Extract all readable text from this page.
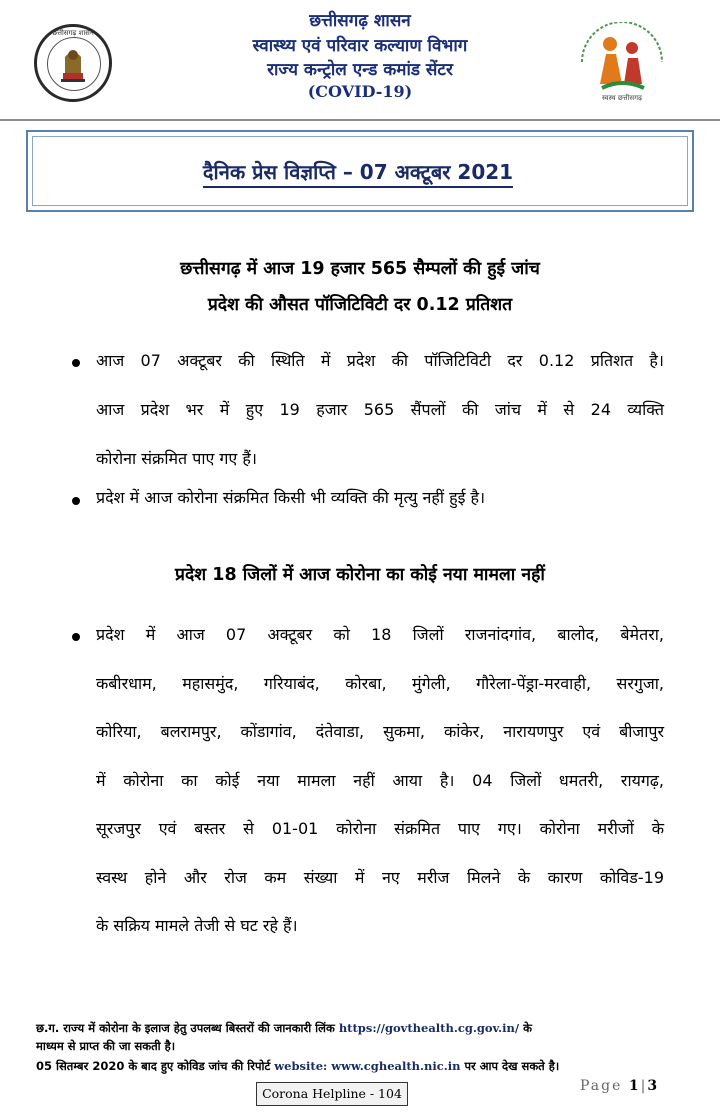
छत्तीसगढ़ शासन
छत्तीसगढ़ शासन
स्वास्थ्य एवं परिवार कल्याण विभाग
राज्य कन्ट्रोल एन्ड कमांड सेंटर
(COVID-19)	स्वस्थ छत्तीसगढ़
दैनिक प्रेस विज्ञप्ति – 07 अक्टूबर 2021
छत्तीसगढ़ में आज 19 हजार 565 सैम्पलों की हुई जांच
प्रदेश की औसत पॉजिटिविटी दर 0.12 प्रतिशत
आज 07 अक्टूबर की स्थिति में प्रदेश की पॉजिटिविटी दर 0.12 प्रतिशत है।
आज प्रदेश भर में हुए 19 हजार 565 सैंपलों की जांच में से 24 व्यक्ति
कोरोना संक्रमित पाए गए हैं।
प्रदेश में आज कोरोना संक्रमित किसी भी व्यक्ति की मृत्यु नहीं हुई है।
प्रदेश 18 जिलों में आज कोरोना का कोई नया मामला नहीं
प्रदेश में आज 07 अक्टूबर को 18 जिलों राजनांदगांव, बालोद, बेमेतरा,
कबीरधाम, महासमुंद, गरियाबंद, कोरबा, मुंगेली, गौरेला-पेंड्रा-मरवाही, सरगुजा,
कोरिया, बलरामपुर, कोंडागांव, दंतेवाडा, सुकमा, कांकेर, नारायणपुर एवं बीजापुर
में कोरोना का कोई नया मामला नहीं आया है। 04 जिलों धमतरी, रायगढ़,
सूरजपुर एवं बस्तर से 01-01 कोरोना संक्रमित पाए गए। कोरोना मरीजों के
स्वस्थ होने और रोज कम संख्या में नए मरीज मिलने के कारण कोविड-19
के सक्रिय मामले तेजी से घट रहे हैं।
छ.ग. राज्य में कोरोना के इलाज हेतु उपलब्ध बिस्तरों की जानकारी लिंक https://govthealth.cg.gov.in/ के
माध्यम से प्राप्त की जा सकती है।
05 सितम्बर 2020 के बाद हुए कोविड जांच की रिपोर्ट website: www.cghealth.nic.in पर आप देख सकते है।
Corona Helpline - 104	Page 1|3
